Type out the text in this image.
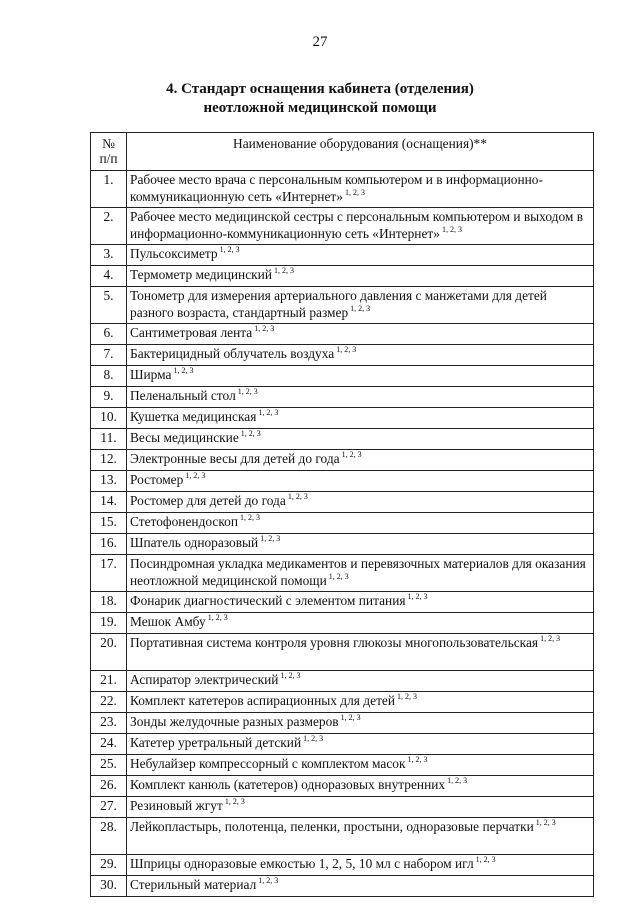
27
4. Стандарт оснащения кабинета (отделения)
неотложной медицинской помощи
№
п/п	Наименование оборудования (оснащения)**
1.	Рабочее место врача с персональным компьютером и в информационно-коммуникационную сеть «Интернет» $^{1, 2, 3}$
2.	Рабочее место медицинской сестры с персональным компьютером и выходом в информационно-коммуникационную сеть «Интернет» $^{1, 2, 3}$
3.	Пульсоксиметр $^{1, 2, 3}$
4.	Термометр медицинский $^{1, 2, 3}$
5.	Тонометр для измерения артериального давления с манжетами для детей разного возраста, стандартный размер $^{1, 2, 3}$
6.	Сантиметровая лента $^{1, 2, 3}$
7.	Бактерицидный облучатель воздуха $^{1, 2, 3}$
8.	Ширма $^{1, 2, 3}$
9.	Пеленальный стол $^{1, 2, 3}$
10.	Кушетка медицинская $^{1, 2, 3}$
11.	Весы медицинские $^{1, 2, 3}$
12.	Электронные весы для детей до года $^{1, 2, 3}$
13.	Ростомер $^{1, 2, 3}$
14.	Ростомер для детей до года $^{1, 2, 3}$
15.	Стетофонендоскоп $^{1, 2, 3}$
16.	Шпатель одноразовый $^{1, 2, 3}$
17.	Посиндромная укладка медикаментов и перевязочных материалов для оказания неотложной медицинской помощи $^{1, 2, 3}$
18.	Фонарик диагностический с элементом питания $^{1, 2, 3}$
19.	Мешок Амбу $^{1, 2, 3}$
20.	Портативная система контроля уровня глюкозы многопользовательская $^{1, 2, 3}$
21.	Аспиратор электрический $^{1, 2, 3}$
22.	Комплект катетеров аспирационных для детей $^{1, 2, 3}$
23.	Зонды желудочные разных размеров $^{1, 2, 3}$
24.	Катетер уретральный детский $^{1, 2, 3}$
25.	Небулайзер компрессорный с комплектом масок $^{1, 2, 3}$
26.	Комплект канюль (катетеров) одноразовых внутренних $^{1, 2, 3}$
27.	Резиновый жгут $^{1, 2, 3}$
28.	Лейкопластырь, полотенца, пеленки, простыни, одноразовые перчатки $^{1, 2, 3}$
29.	Шприцы одноразовые емкостью 1, 2, 5, 10 мл с набором игл $^{1, 2, 3}$
30.	Стерильный материал $^{1, 2, 3}$
